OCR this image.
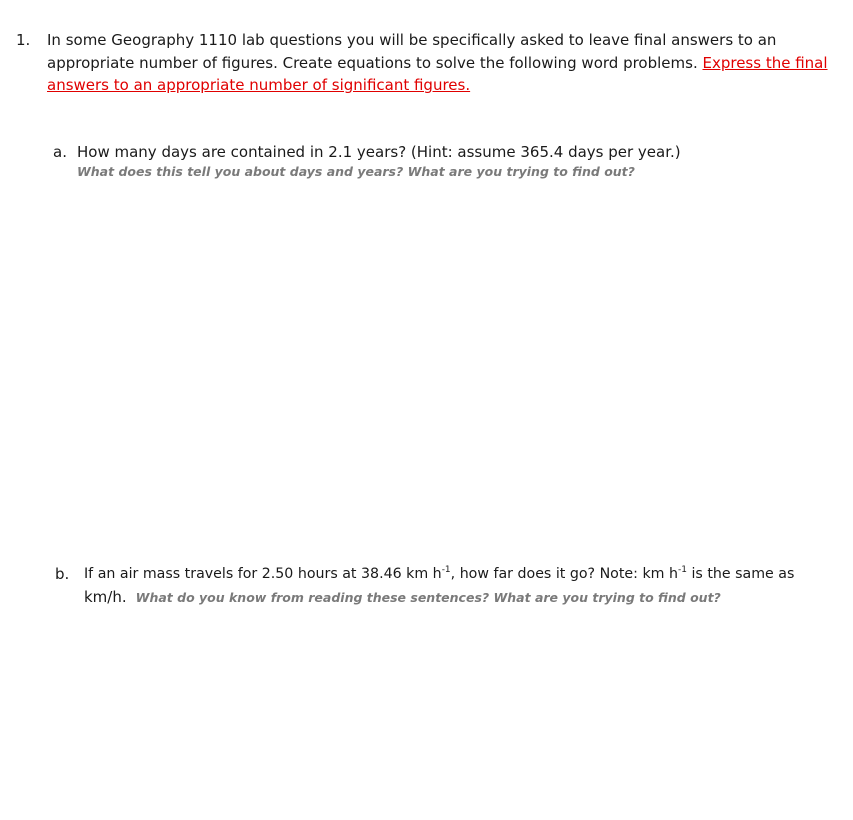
1. In some Geography 1110 lab questions you will be specifically asked to leave final answers to an appropriate number of figures. Create equations to solve the following word problems. Express the final answers to an appropriate number of significant figures.
a. How many days are contained in 2.1 years? (Hint: assume 365.4 days per year.)
What does this tell you about days and years? What are you trying to find out?
b. If an air mass travels for 2.50 hours at 38.46 km $h^{-1}$, how far does it go? Note: km $h^{-1}$ is the same as
km/h. What do you know from reading these sentences? What are you trying to find out?
